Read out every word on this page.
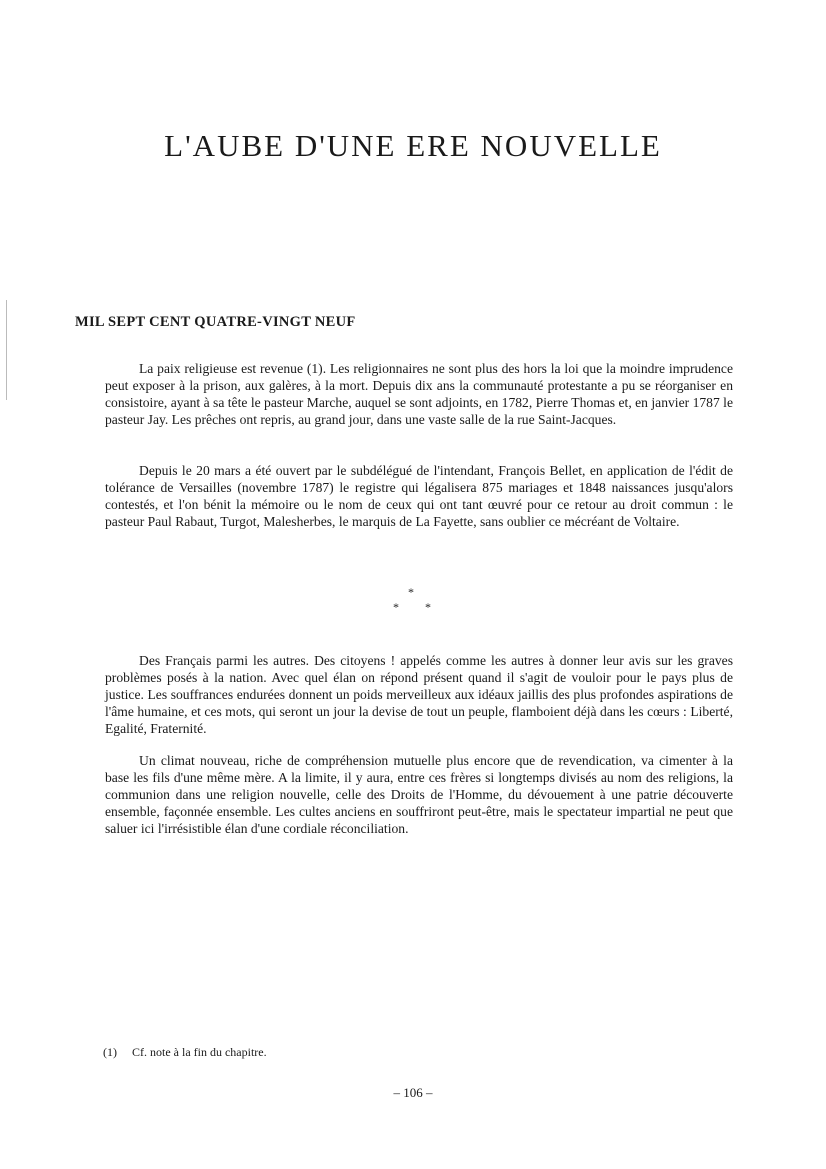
L'AUBE D'UNE ERE NOUVELLE
MIL SEPT CENT QUATRE-VINGT NEUF

La paix religieuse est revenue (1). Les religionnaires ne sont plus des hors la loi que la moindre imprudence peut exposer à la prison, aux galères, à la mort. Depuis dix ans la communauté protestante a pu se réorganiser en consistoire, ayant à sa tête le pasteur Marche, auquel se sont adjoints, en 1782, Pierre Thomas et, en janvier 1787 le pasteur Jay. Les prêches ont repris, au grand jour, dans une vaste salle de la rue Saint-Jacques.

Depuis le 20 mars a été ouvert par le subdélégué de l'intendant, François Bellet, en application de l'édit de tolérance de Versailles (novembre 1787) le registre qui légalisera 875 mariages et 1848 naissances jusqu'alors contestés, et l'on bénit la mémoire ou le nom de ceux qui ont tant œuvré pour ce retour au droit commun : le pasteur Paul Rabaut, Turgot, Malesherbes, le marquis de La Fayette, sans oublier ce mécréant de Voltaire.

*
* *

Des Français parmi les autres. Des citoyens ! appelés comme les autres à donner leur avis sur les graves problèmes posés à la nation. Avec quel élan on répond présent quand il s'agit de vouloir pour le pays plus de justice. Les souffrances endurées donnent un poids merveilleux aux idéaux jaillis des plus profondes aspirations de l'âme humaine, et ces mots, qui seront un jour la devise de tout un peuple, flamboient déjà dans les cœurs : Liberté, Egalité, Fraternité.

Un climat nouveau, riche de compréhension mutuelle plus encore que de revendication, va cimenter à la base les fils d'une même mère. A la limite, il y aura, entre ces frères si longtemps divisés au nom des religions, la communion dans une religion nouvelle, celle des Droits de l'Homme, du dévouement à une patrie découverte ensemble, façonnée ensemble. Les cultes anciens en souffriront peut-être, mais le spectateur impartial ne peut que saluer ici l'irrésistible élan d'une cordiale réconciliation.

(1) Cf. note à la fin du chapitre.

– 106 –
